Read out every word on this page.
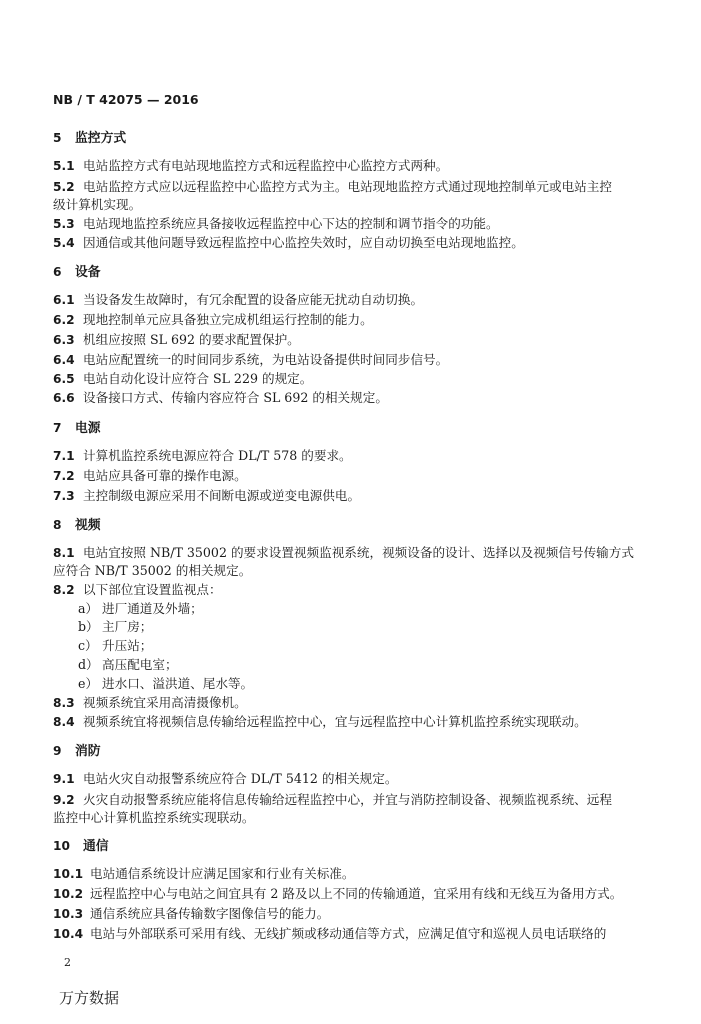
NB / T 42075 — 2016
5 监控方式
5.1 电站监控方式有电站现地监控方式和远程监控中心监控方式两种。
5.2 电站监控方式应以远程监控中心监控方式为主。电站现地监控方式通过现地控制单元或电站主控
级计算机实现。
5.3 电站现地监控系统应具备接收远程监控中心下达的控制和调节指令的功能。
5.4 因通信或其他问题导致远程监控中心监控失效时，应自动切换至电站现地监控。
6 设备
6.1 当设备发生故障时，有冗余配置的设备应能无扰动自动切换。
6.2 现地控制单元应具备独立完成机组运行控制的能力。
6.3 机组应按照 SL 692 的要求配置保护。
6.4 电站应配置统一的时间同步系统，为电站设备提供时间同步信号。
6.5 电站自动化设计应符合 SL 229 的规定。
6.6 设备接口方式、传输内容应符合 SL 692 的相关规定。
7 电源
7.1 计算机监控系统电源应符合 DL/T 578 的要求。
7.2 电站应具备可靠的操作电源。
7.3 主控制级电源应采用不间断电源或逆变电源供电。
8 视频
8.1 电站宜按照 NB/T 35002 的要求设置视频监视系统，视频设备的设计、选择以及视频信号传输方式
应符合 NB/T 35002 的相关规定。
8.2 以下部位宜设置监视点：
a） 进厂通道及外墙；
b） 主厂房；
c） 升压站；
d） 高压配电室；
e） 进水口、溢洪道、尾水等。
8.3 视频系统宜采用高清摄像机。
8.4 视频系统宜将视频信息传输给远程监控中心，宜与远程监控中心计算机监控系统实现联动。
9 消防
9.1 电站火灾自动报警系统应符合 DL/T 5412 的相关规定。
9.2 火灾自动报警系统应能将信息传输给远程监控中心，并宜与消防控制设备、视频监视系统、远程
监控中心计算机监控系统实现联动。
10 通信
10.1 电站通信系统设计应满足国家和行业有关标准。
10.2 远程监控中心与电站之间宜具有 2 路及以上不同的传输通道，宜采用有线和无线互为备用方式。
10.3 通信系统应具备传输数字图像信号的能力。
10.4 电站与外部联系可采用有线、无线扩频或移动通信等方式，应满足值守和巡视人员电话联络的
2
万方数据
